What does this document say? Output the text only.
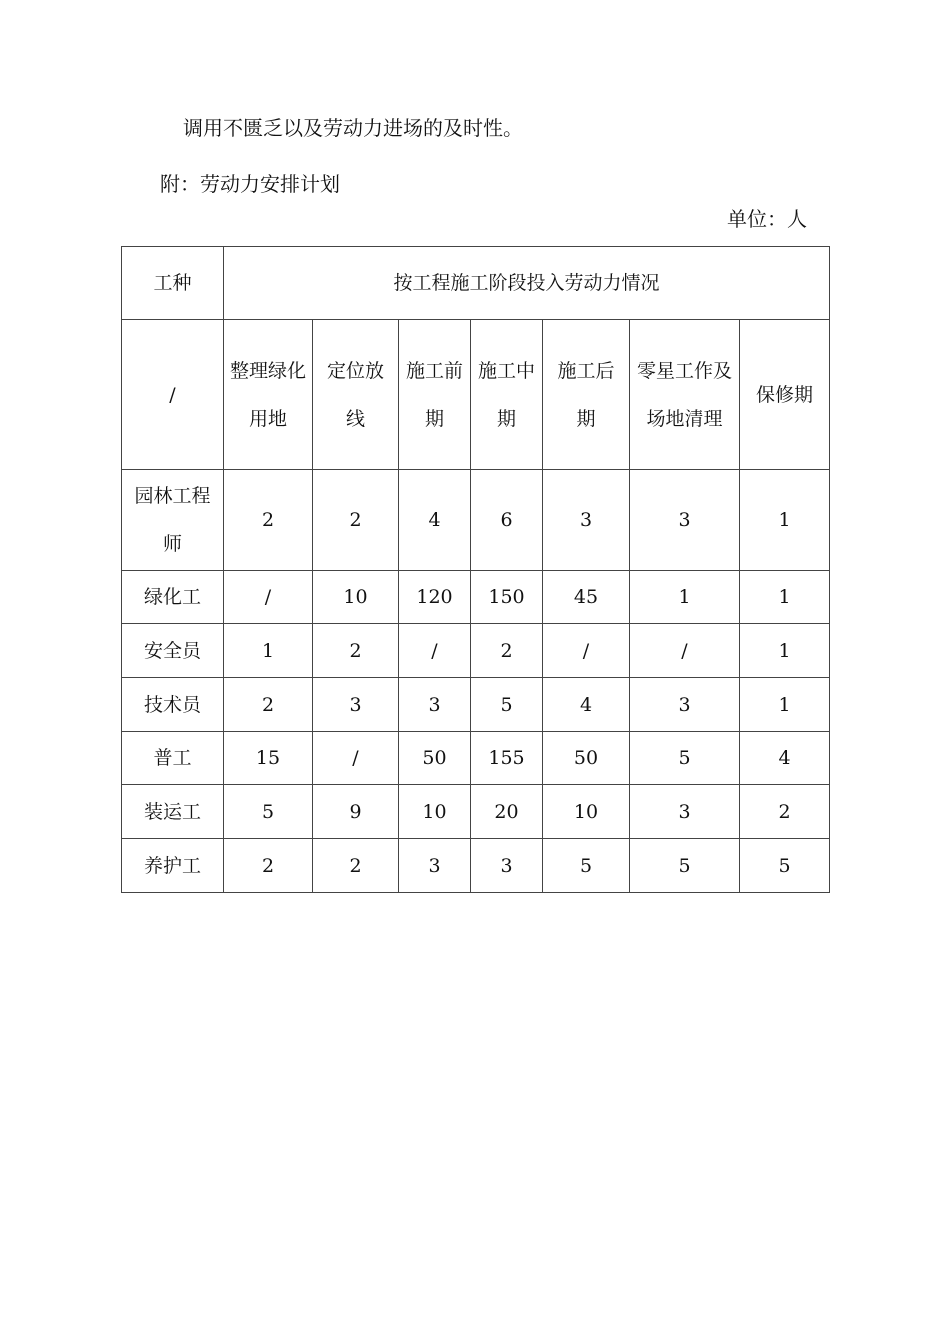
调用不匮乏以及劳动力进场的及时性。
附：劳动力安排计划
单位：人
工种	按工程施工阶段投入劳动力情况						
/	整理绿化用地	定位放线	施工前期	施工中期	施工后期	零星工作及场地清理	保修期
园林工程师	2	2	4	6	3	3	1
绿化工	/	10	120	150	45	1	1
安全员	1	2	/	2	/	/	1
技术员	2	3	3	5	4	3	1
普工	15	/	50	155	50	5	4
装运工	5	9	10	20	10	3	2
养护工	2	2	3	3	5	5	5
